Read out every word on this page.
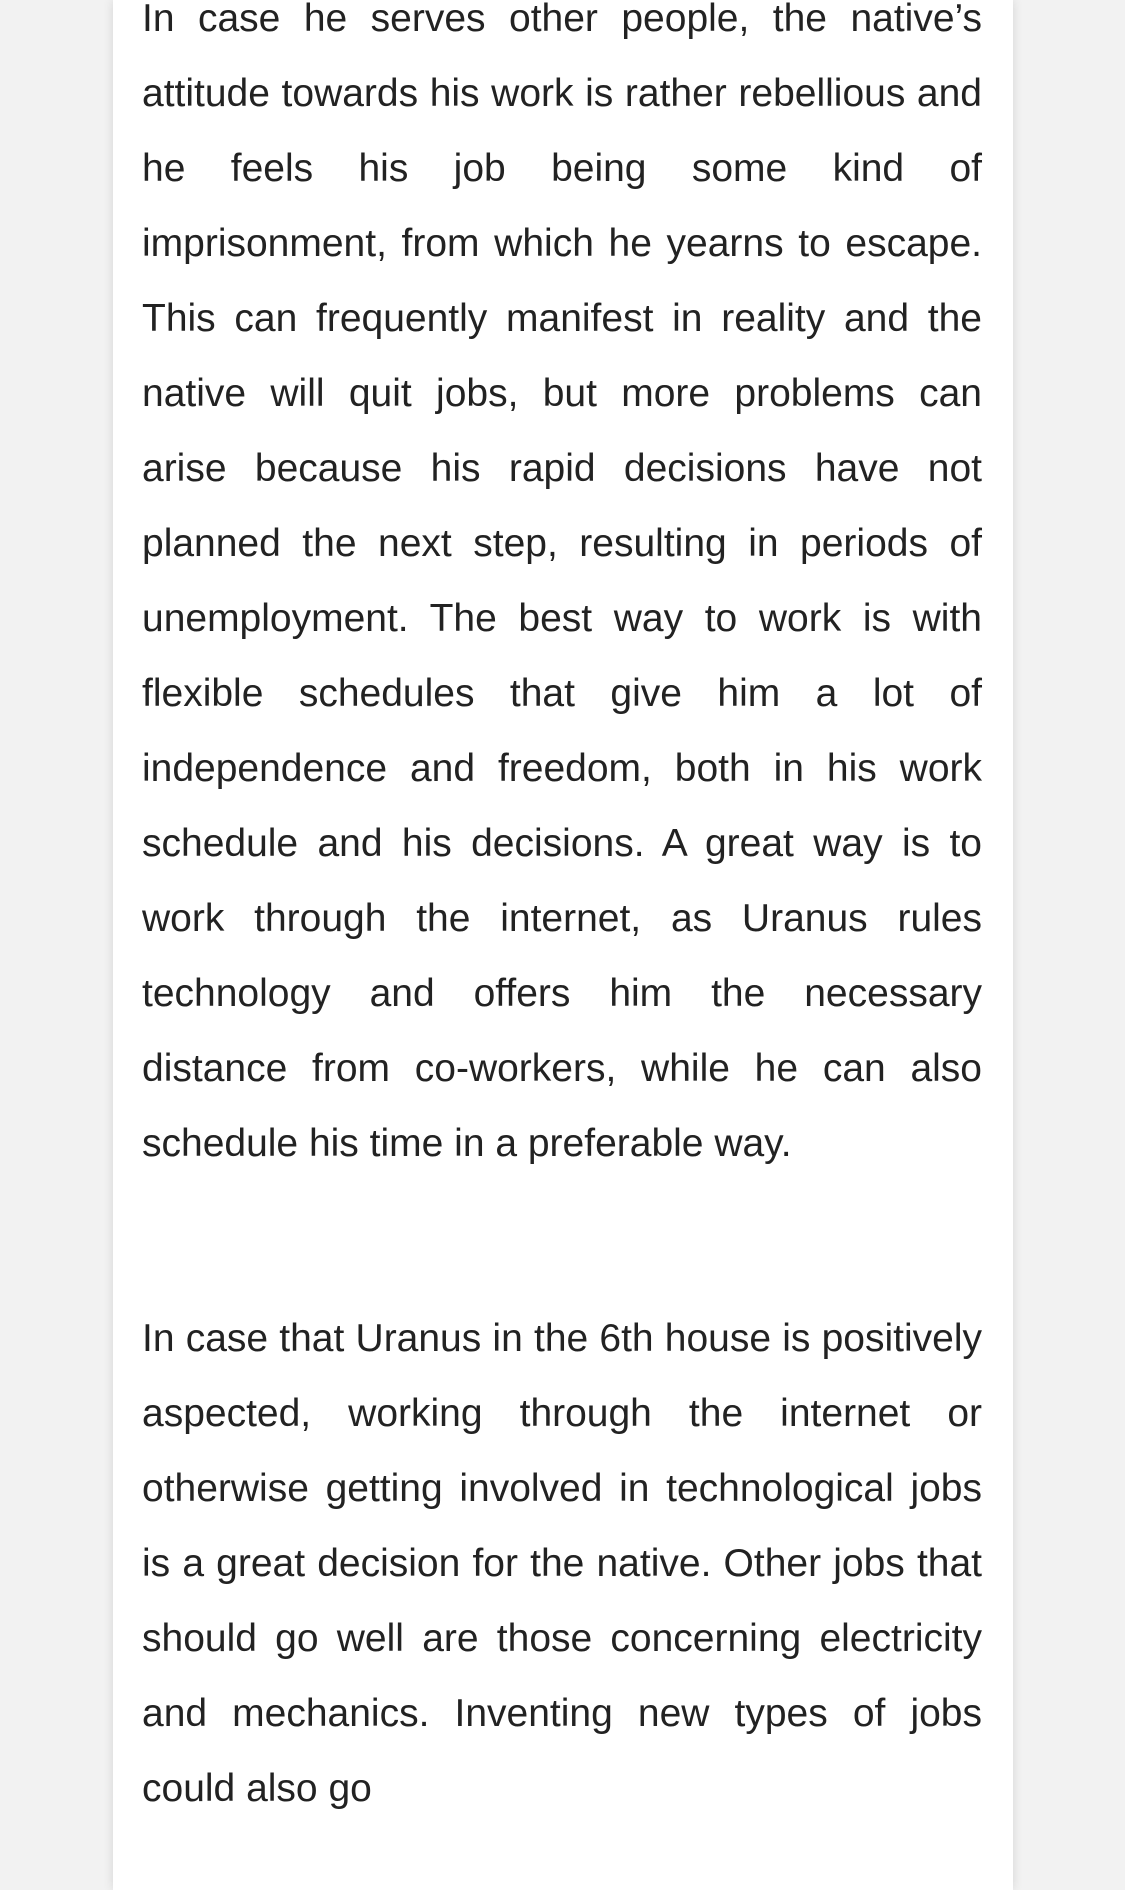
In case he serves other people, the native’s attitude towards his work is rather rebellious and he feels his job being some kind of imprisonment, from which he yearns to escape. This can frequently manifest in reality and the native will quit jobs, but more problems can arise because his rapid decisions have not planned the next step, resulting in periods of unemployment. The best way to work is with flexible schedules that give him a lot of independence and freedom, both in his work schedule and his decisions. A great way is to work through the internet, as Uranus rules technology and offers him the necessary distance from co-workers, while he can also schedule his time in a preferable way.

In case that Uranus in the 6th house is positively aspected, working through the internet or otherwise getting involved in technological jobs is a great decision for the native. Other jobs that should go well are those concerning electricity and mechanics. Inventing new types of jobs could also go
